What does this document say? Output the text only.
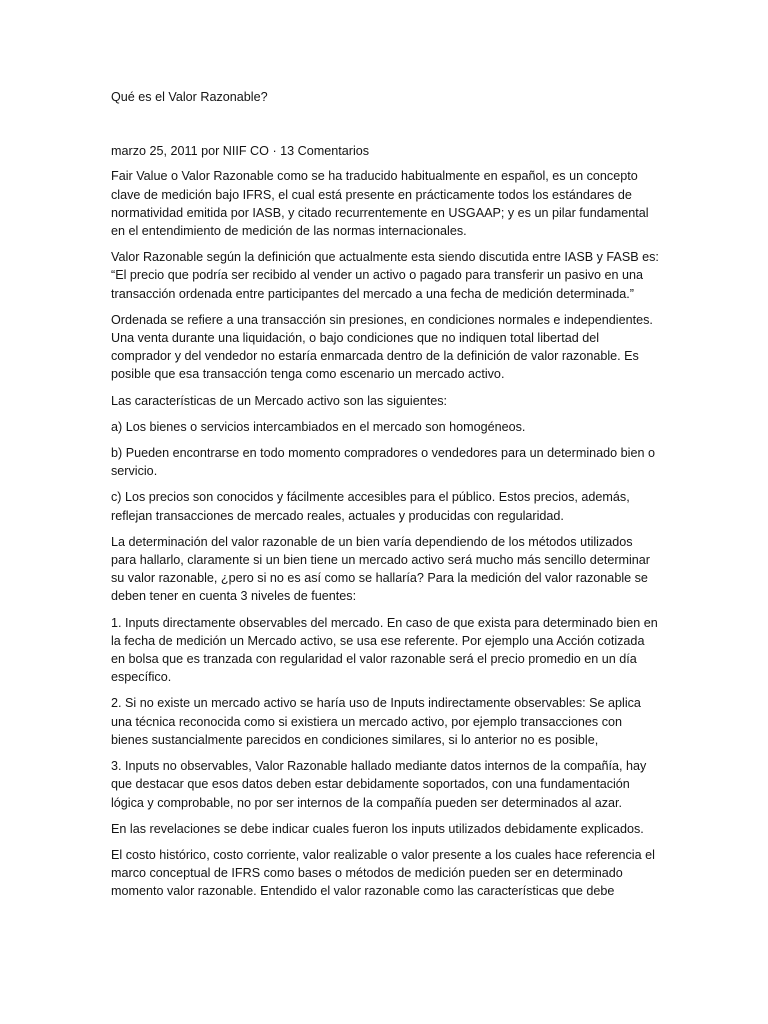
Qué es el Valor Razonable?

marzo 25, 2011 por NIIF CO · 13 Comentarios

Fair Value o Valor Razonable como se ha traducido habitualmente en español, es un concepto clave de medición bajo IFRS, el cual está presente en prácticamente todos los estándares de normatividad emitida por IASB, y citado recurrentemente en USGAAP; y es un pilar fundamental en el entendimiento de medición de las normas internacionales.

Valor Razonable según la definición que actualmente esta siendo discutida entre IASB y FASB es: “El precio que podría ser recibido al vender un activo o pagado para transferir un pasivo en una transacción ordenada entre participantes del mercado a una fecha de medición determinada.”

Ordenada se refiere a una transacción sin presiones, en condiciones normales e independientes. Una venta durante una liquidación, o bajo condiciones que no indiquen total libertad del comprador y del vendedor no estaría enmarcada dentro de la definición de valor razonable. Es posible que esa transacción tenga como escenario un mercado activo.

Las características de un Mercado activo son las siguientes:

a) Los bienes o servicios intercambiados en el mercado son homogéneos.

b) Pueden encontrarse en todo momento compradores o vendedores para un determinado bien o servicio.

c) Los precios son conocidos y fácilmente accesibles para el público. Estos precios, además, reflejan transacciones de mercado reales, actuales y producidas con regularidad.

La determinación del valor razonable de un bien varía dependiendo de los métodos utilizados para hallarlo, claramente si un bien tiene un mercado activo será mucho más sencillo determinar su valor razonable, ¿pero si no es así como se hallaría? Para la medición del valor razonable se deben tener en cuenta 3 niveles de fuentes:

1. Inputs directamente observables del mercado. En caso de que exista para determinado bien en la fecha de medición un Mercado activo, se usa ese referente. Por ejemplo una Acción cotizada en bolsa que es tranzada con regularidad el valor razonable será el precio promedio en un día específico.

2. Si no existe un mercado activo se haría uso de Inputs indirectamente observables: Se aplica una técnica reconocida como si existiera un mercado activo, por ejemplo transacciones con bienes sustancialmente parecidos en condiciones similares, si lo anterior no es posible,

3. Inputs no observables, Valor Razonable hallado mediante datos internos de la compañía, hay que destacar que esos datos deben estar debidamente soportados, con una fundamentación lógica y comprobable, no por ser internos de la compañía pueden ser determinados al azar.

En las revelaciones se debe indicar cuales fueron los inputs utilizados debidamente explicados.

El costo histórico, costo corriente, valor realizable o valor presente a los cuales hace referencia el marco conceptual de IFRS como bases o métodos de medición pueden ser en determinado momento valor razonable. Entendido el valor razonable como las características que debe
